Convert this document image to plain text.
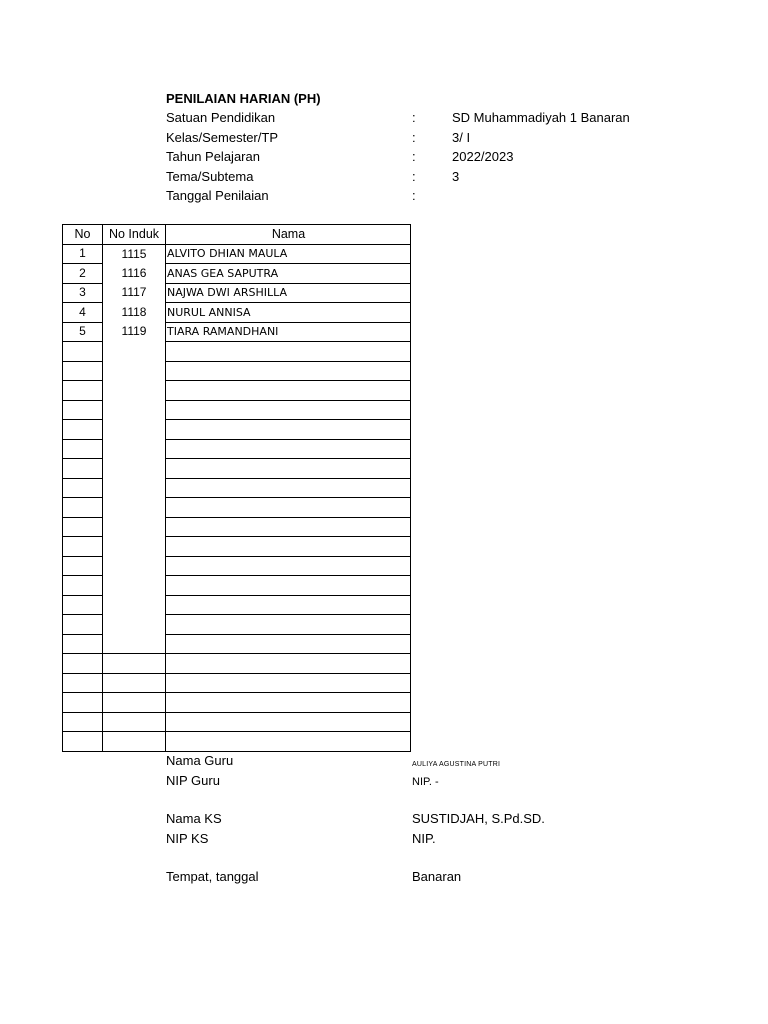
PENILAIAN HARIAN (PH)
Satuan Pendidikan	:	SD Muhammadiyah 1 Banaran
Kelas/Semester/TP	:	3/ I
Tahun Pelajaran	:	2022/2023
Tema/Subtema	:	3
Tanggal Penilaian	:
No	No Induk	Nama
1	1115	ALVITO DHIAN MAULA
2	1116	ANAS GEA SAPUTRA
3	1117	NAJWA DWI ARSHILLA
4	1118	NURUL ANNISA
5	1119	TIARA RAMANDHANI

Nama Guru	AULIYA AGUSTINA PUTRI
NIP Guru	NIP. -
Nama KS	SUSTIDJAH, S.Pd.SD.
NIP KS	NIP.
Tempat, tanggal	Banaran
